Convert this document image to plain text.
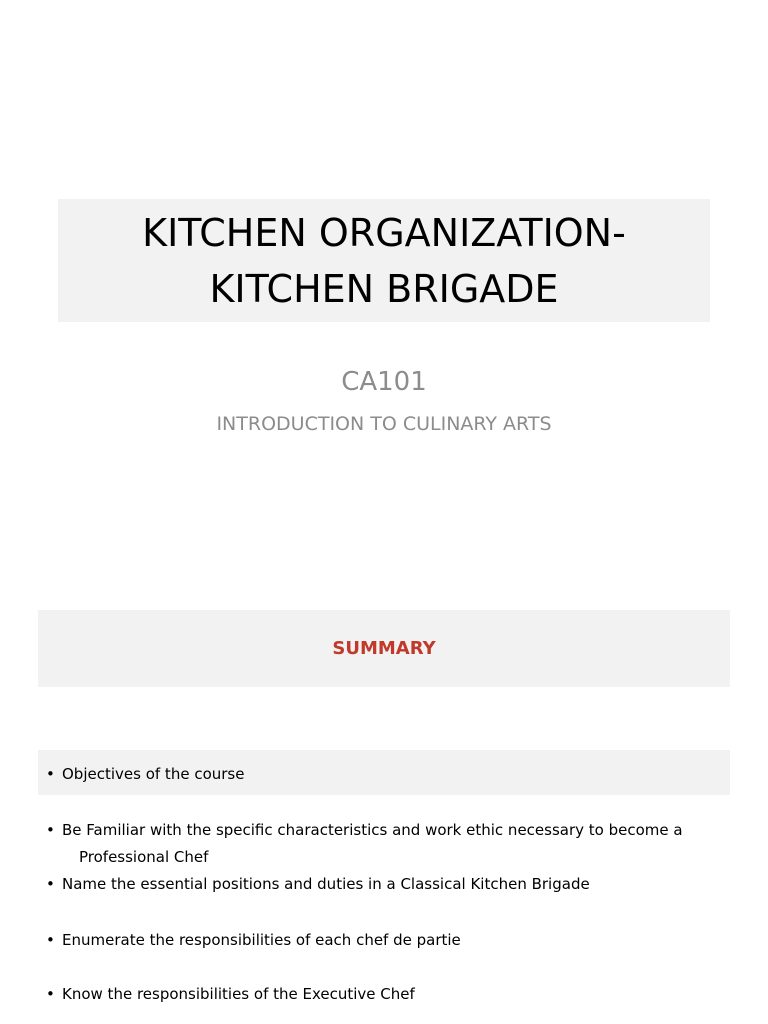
KITCHEN ORGANIZATION-
KITCHEN BRIGADE
CA101
INTRODUCTION TO CULINARY ARTS
SUMMARY
• Objectives of the course
• Be Familiar with the specific characteristics and work ethic necessary to become a
Professional Chef
• Name the essential positions and duties in a Classical Kitchen Brigade
• Enumerate the responsibilities of each chef de partie
• Know the responsibilities of the Executive Chef
